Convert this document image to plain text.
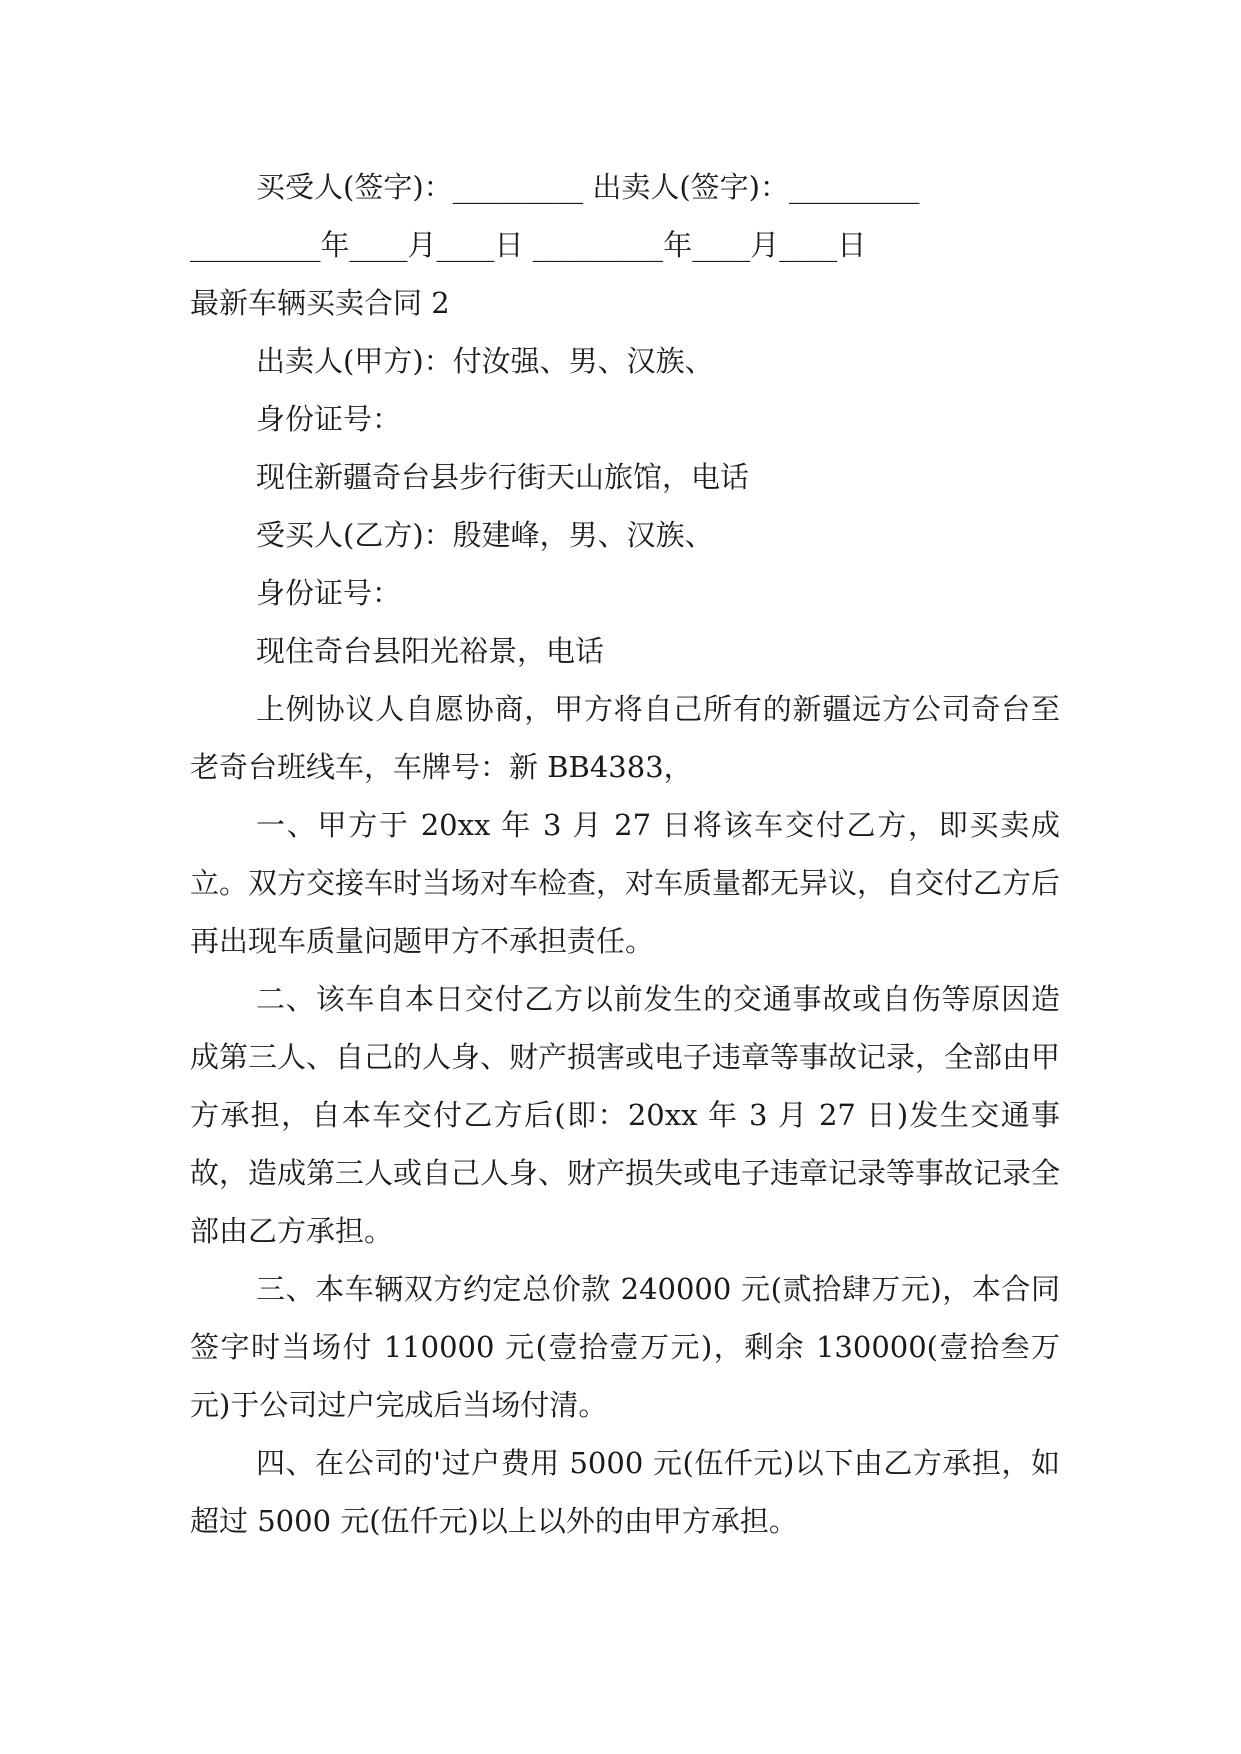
买受人(签字)：_________ 出卖人(签字)：_________

_________年____月____日 _________年____月____日

最新车辆买卖合同 2

出卖人(甲方)：付汝强、男、汉族、

身份证号：

现住新疆奇台县步行街天山旅馆，电话

受买人(乙方)：殷建峰，男、汉族、

身份证号：

现住奇台县阳光裕景，电话

上例协议人自愿协商，甲方将自己所有的新疆远方公司奇台至老奇台班线车，车牌号：新 BB4383，

一、甲方于 20xx 年 3 月 27 日将该车交付乙方，即买卖成立。双方交接车时当场对车检查，对车质量都无异议，自交付乙方后再出现车质量问题甲方不承担责任。

二、该车自本日交付乙方以前发生的交通事故或自伤等原因造成第三人、自己的人身、财产损害或电子违章等事故记录，全部由甲方承担，自本车交付乙方后(即：20xx 年 3 月 27 日)发生交通事故，造成第三人或自己人身、财产损失或电子违章记录等事故记录全部由乙方承担。

三、本车辆双方约定总价款 240000 元(贰拾肆万元)，本合同签字时当场付 110000 元(壹拾壹万元)，剩余 130000(壹拾叁万元)于公司过户完成后当场付清。

四、在公司的'过户费用 5000 元(伍仟元)以下由乙方承担，如超过 5000 元(伍仟元)以上以外的由甲方承担。
